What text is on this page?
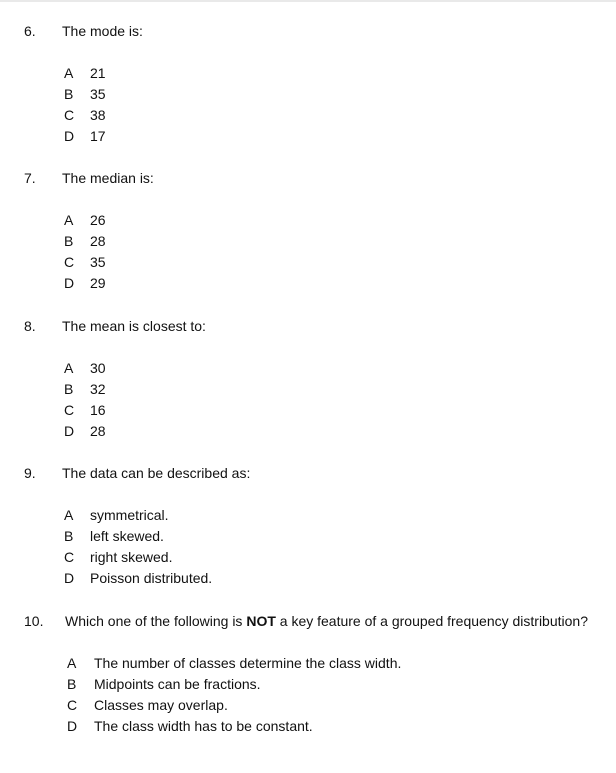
6. The mode is:
A 21
B 35
C 38
D 17
7. The median is:
A 26
B 28
C 35
D 29
8. The mean is closest to:
A 30
B 32
C 16
D 28
9. The data can be described as:
A symmetrical.
B left skewed.
C right skewed.
D Poisson distributed.
10. Which one of the following is NOT a key feature of a grouped frequency distribution?
A The number of classes determine the class width.
B Midpoints can be fractions.
C Classes may overlap.
D The class width has to be constant.
